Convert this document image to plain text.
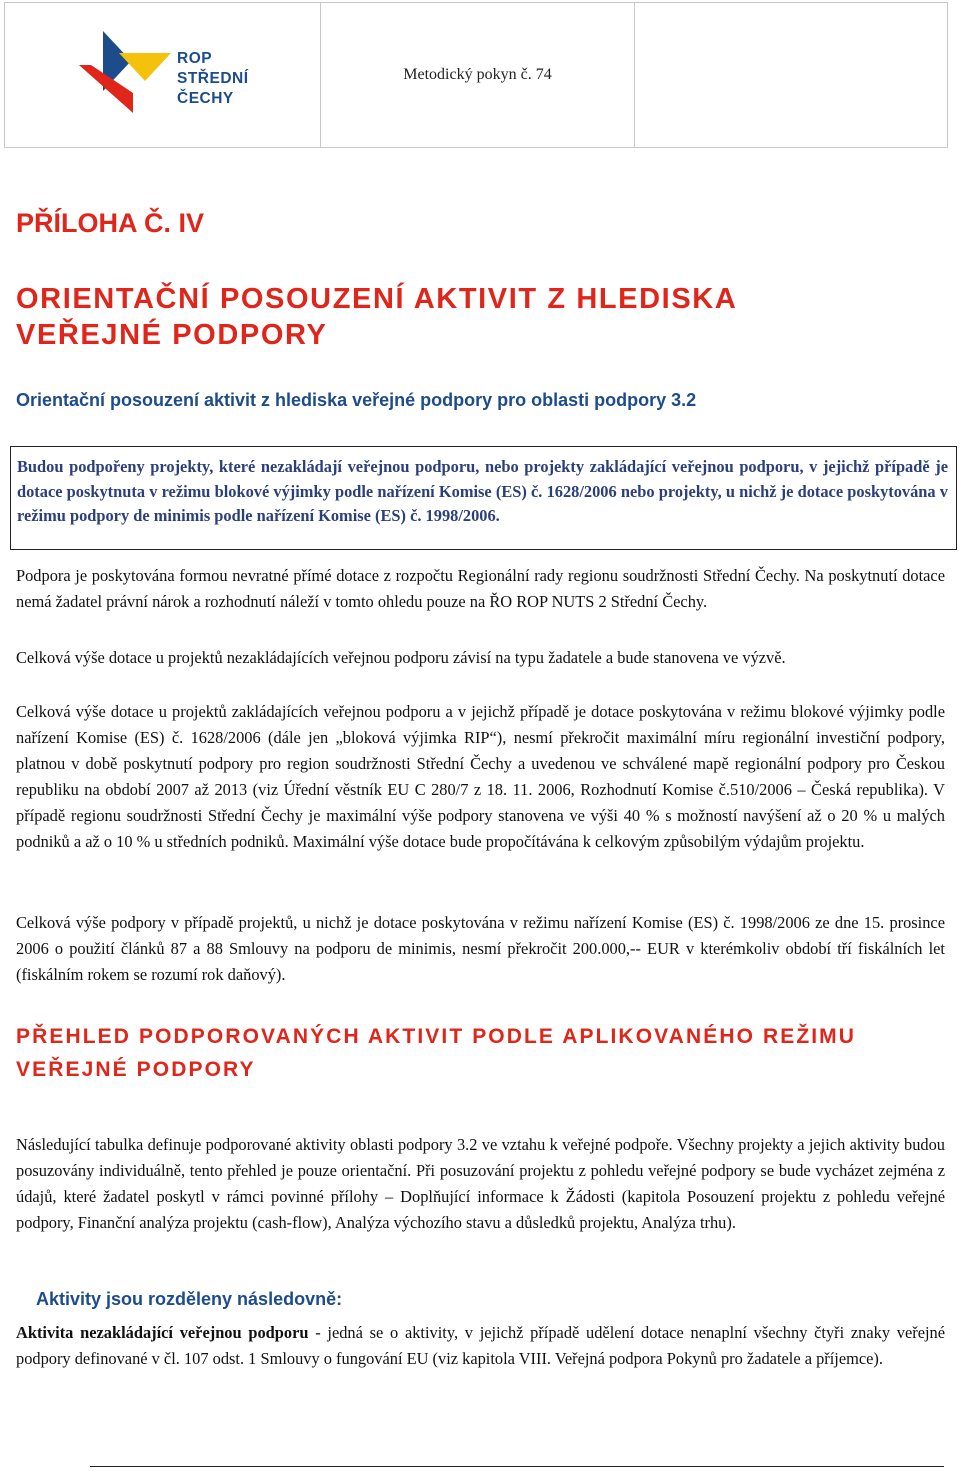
ROP
STŘEDNÍ
ČECHY
Metodický pokyn č. 74
PŘÍLOHA Č. IV
ORIENTAČNÍ POSOUZENÍ AKTIVIT Z HLEDISKA
VEŘEJNÉ PODPORY
Orientační posouzení aktivit z hlediska veřejné podpory pro oblasti podpory 3.2

Budou podpořeny projekty, které nezakládají veřejnou podporu, nebo projekty zakládající veřejnou podporu, v jejichž případě je dotace poskytnuta v režimu blokové výjimky podle nařízení Komise (ES) č. 1628/2006 nebo projekty, u nichž je dotace poskytována v režimu podpory de minimis podle nařízení Komise (ES) č. 1998/2006.

Podpora je poskytována formou nevratné přímé dotace z rozpočtu Regionální rady regionu soudržnosti Střední Čechy. Na poskytnutí dotace nemá žadatel právní nárok a rozhodnutí náleží v tomto ohledu pouze na ŘO ROP NUTS 2 Střední Čechy.

Celková výše dotace u projektů nezakládajících veřejnou podporu závisí na typu žadatele a bude stanovena ve výzvě.

Celková výše dotace u projektů zakládajících veřejnou podporu a v jejichž případě je dotace poskytována v režimu blokové výjimky podle nařízení Komise (ES) č. 1628/2006 (dále jen „bloková výjimka RIP“), nesmí překročit maximální míru regionální investiční podpory, platnou v době poskytnutí podpory pro region soudržnosti Střední Čechy a uvedenou ve schválené mapě regionální podpory pro Českou republiku na období 2007 až 2013 (viz Úřední věstník EU C 280/7 z 18. 11. 2006, Rozhodnutí Komise č.510/2006 – Česká republika). V případě regionu soudržnosti Střední Čechy je maximální výše podpory stanovena ve výši 40 % s možností navýšení až o 20 % u malých podniků a až o 10 % u středních podniků. Maximální výše dotace bude propočítávána k celkovým způsobilým výdajům projektu.

Celková výše podpory v případě projektů, u nichž je dotace poskytována v režimu nařízení Komise (ES) č. 1998/2006 ze dne 15. prosince 2006 o použití článků 87 a 88 Smlouvy na podporu de minimis, nesmí překročit 200.000,-- EUR v kterémkoliv období tří fiskálních let (fiskálním rokem se rozumí rok daňový).

PŘEHLED PODPOROVANÝCH AKTIVIT PODLE APLIKOVANÉHO REŽIMU
VEŘEJNÉ PODPORY

Následující tabulka definuje podporované aktivity oblasti podpory 3.2 ve vztahu k veřejné podpoře. Všechny projekty a jejich aktivity budou posuzovány individuálně, tento přehled je pouze orientační. Při posuzování projektu z pohledu veřejné podpory se bude vycházet zejména z údajů, které žadatel poskytl v rámci povinné přílohy – Doplňující informace k Žádosti (kapitola Posouzení projektu z pohledu veřejné podpory, Finanční analýza projektu (cash-flow), Analýza výchozího stavu a důsledků projektu, Analýza trhu).

Aktivity jsou rozděleny následovně:

Aktivita nezakládající veřejnou podporu - jedná se o aktivity, v jejichž případě udělení dotace nenaplní všechny čtyři znaky veřejné podpory definované v čl. 107 odst. 1 Smlouvy o fungování EU (viz kapitola VIII. Veřejná podpora Pokynů pro žadatele a příjemce).
